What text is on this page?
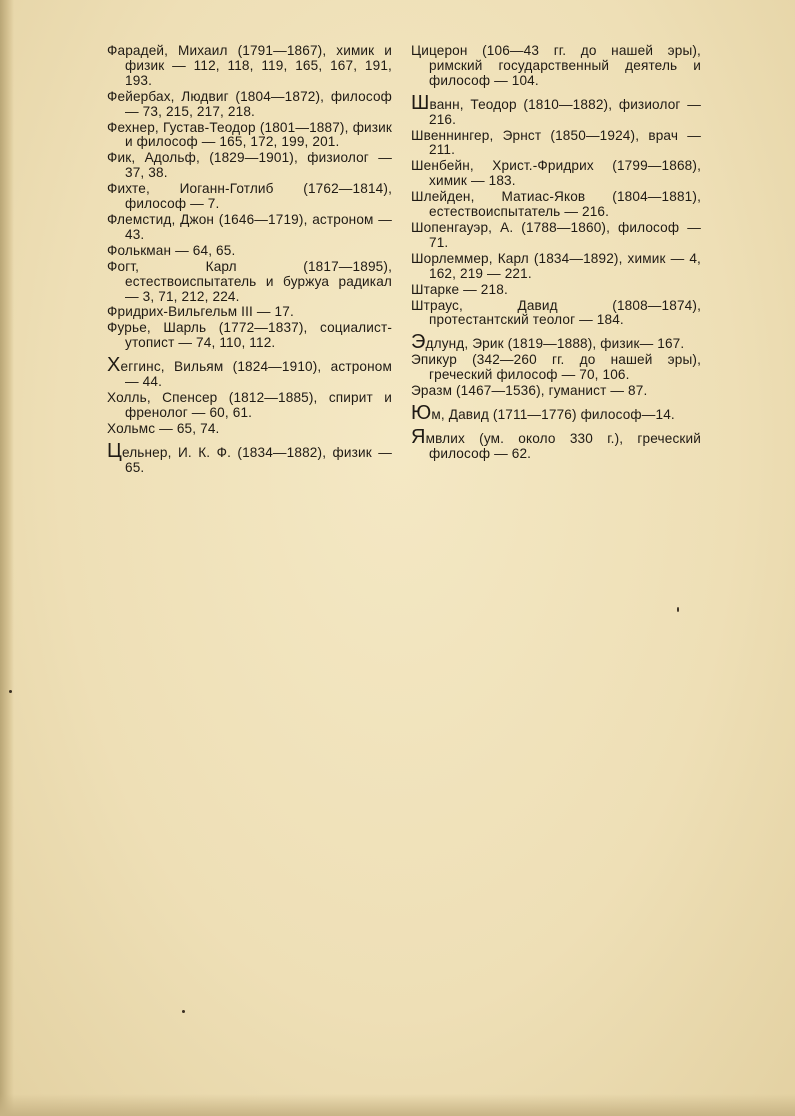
Фарадей, Михаил (1791—1867), химик и физик — 112, 118, 119, 165, 167, 191, 193.

Фейербах, Людвиг (1804—1872), философ — 73, 215, 217, 218.

Фехнер, Густав-Теодор (1801—1887), физик и философ — 165, 172, 199, 201.

Фик, Адольф, (1829—1901), физиолог — 37, 38.

Фихте, Иоганн-Готлиб (1762—1814), философ — 7.

Флемстид, Джон (1646—1719), астроном — 43.

Фолькман — 64, 65.

Фогт, Карл (1817—1895), естествоиспытатель и буржуа радикал — 3, 71, 212, 224.

Фридрих-Вильгельм III — 17.

Фурье, Шарль (1772—1837), социалист-утопист — 74, 110, 112.

Хеггинс, Вильям (1824—1910), астроном — 44.

Холль, Спенсер (1812—1885), спирит и френолог — 60, 61.

Хольмс — 65, 74.

Цельнер, И. К. Ф. (1834—1882), физик — 65.

Цицерон (106—43 гг. до нашей эры), римский государственный деятель и философ — 104.

Шванн, Теодор (1810—1882), физиолог — 216.

Швеннингер, Эрнст (1850—1924), врач — 211.

Шенбейн, Христ.-Фридрих (1799—1868), химик — 183.

Шлейден, Матиас-Яков (1804—1881), естествоиспытатель — 216.

Шопенгауэр, А. (1788—1860), философ — 71.

Шорлеммер, Карл (1834—1892), химик — 4, 162, 219 — 221.

Штарке — 218.

Штраус, Давид (1808—1874), протестантский теолог — 184.

Эдлунд, Эрик (1819—1888), физик— 167.

Эпикур (342—260 гг. до нашей эры), греческий философ — 70, 106.

Эразм (1467—1536), гуманист — 87.

Юм, Давид (1711—1776) философ—14.

Ямвлих (ум. около 330 г.), греческий философ — 62.
